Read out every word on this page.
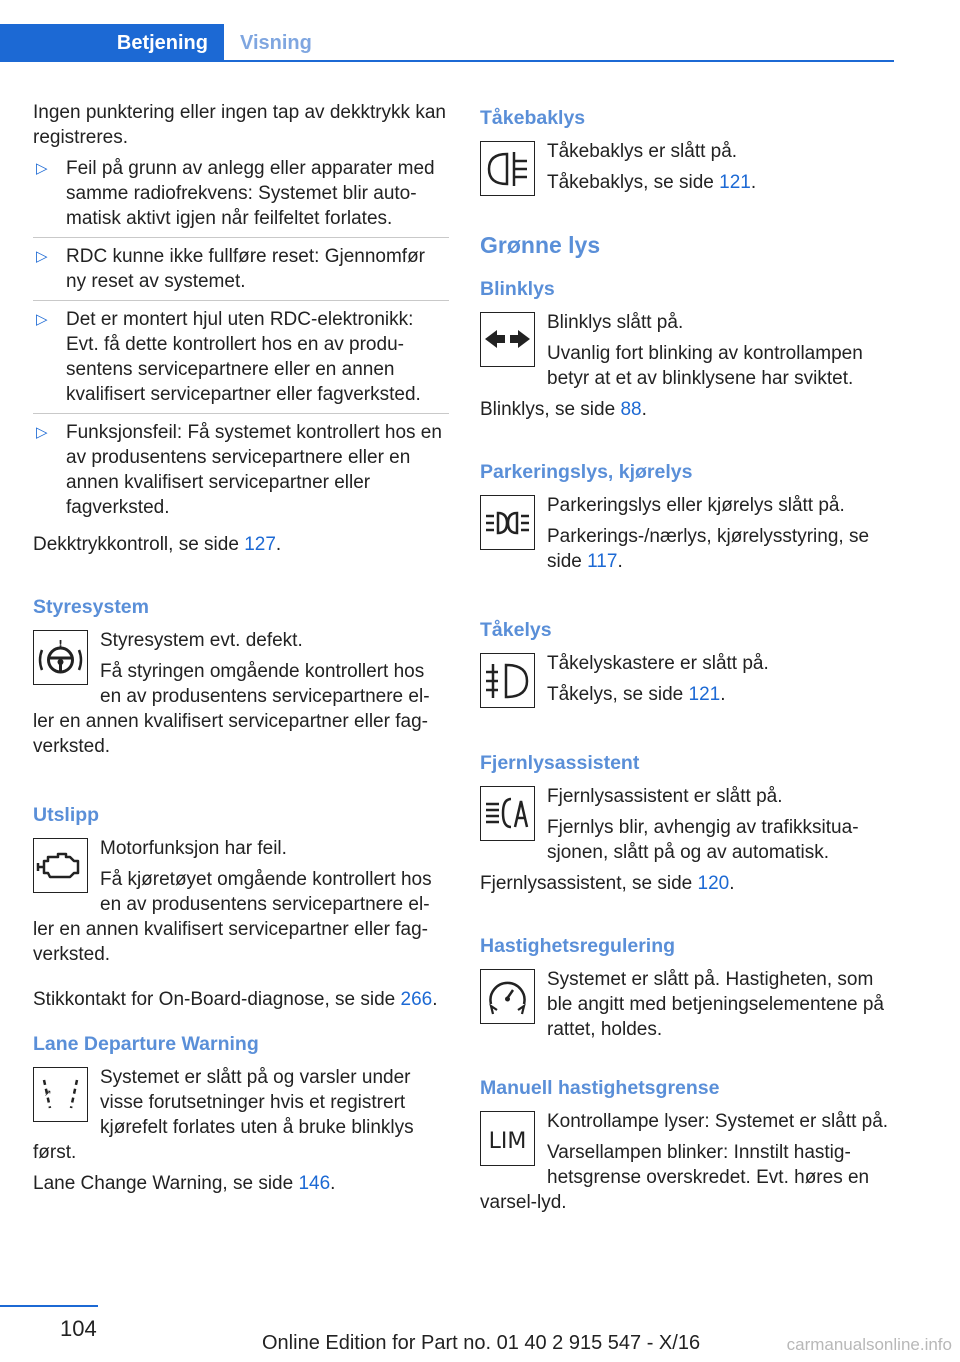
Betjening	Visning

Ingen punktering eller ingen tap av dekktrykk kan registreres.

▷ Feil på grunn av anlegg eller apparater med samme radiofrekvens: Systemet blir auto-matisk aktivt igjen når feilfeltet forlates.
▷ RDC kunne ikke fullføre reset: Gjennomfør ny reset av systemet.
▷ Det er montert hjul uten RDC-elektronikk: Evt. få dette kontrollert hos en av produ-sentens servicepartnere eller en annen kvalifisert servicepartner eller fagverksted.
▷ Funksjonsfeil: Få systemet kontrollert hos en av produsentens servicepartnere eller en annen kvalifisert servicepartner eller fagverksted.

Dekktrykkontroll, se side 127.

Styresystem
!	Styresystem evt. defekt.

Få styringen omgående kontrollert hos en av produsentens servicepartnere el-ler en annen kvalifisert servicepartner eller fag-verksted.

Utslipp

Motorfunksjon har feil.

Få kjøretøyet omgående kontrollert hos en av produsentens servicepartnere el-ler en annen kvalifisert servicepartner eller fag-verksted.

Stikkontakt for On-Board-diagnose, se side 266.

Lane Departure Warning
↗

Systemet er slått på og varsler under visse forutsetninger hvis et registrert kjørefelt forlates uten å bruke blinklys først.

Lane Change Warning, se side 146.

Tåkebaklys

Tåkebaklys er slått på.

Tåkebaklys, se side 121.

Grønne lys
Blinklys

Blinklys slått på.

Uvanlig fort blinking av kontrollampen betyr at et av blinklysene har sviktet.

Blinklys, se side 88.

Parkeringslys, kjørelys

Parkeringslys eller kjørelys slått på.

Parkerings-/nærlys, kjørelysstyring, se side 117.

Tåkelys

Tåkelyskastere er slått på.

Tåkelys, se side 121.

Fjernlysassistent

Fjernlysassistent er slått på.

Fjernlys blir, avhengig av trafikksitua-sjonen, slått på og av automatisk.

Fjernlysassistent, se side 120.

Hastighetsregulering

Systemet er slått på. Hastigheten, som ble angitt med betjeningselementene på rattet, holdes.

Manuell hastighetsgrense
LIM

Kontrollampe lyser: Systemet er slått på.

Varsellampen blinker: Innstilt hastig-hetsgrense overskredet. Evt. høres en varsel-lyd.

104
Online Edition for Part no. 01 40 2 915 547 - X/16	carmanualsonline.info
